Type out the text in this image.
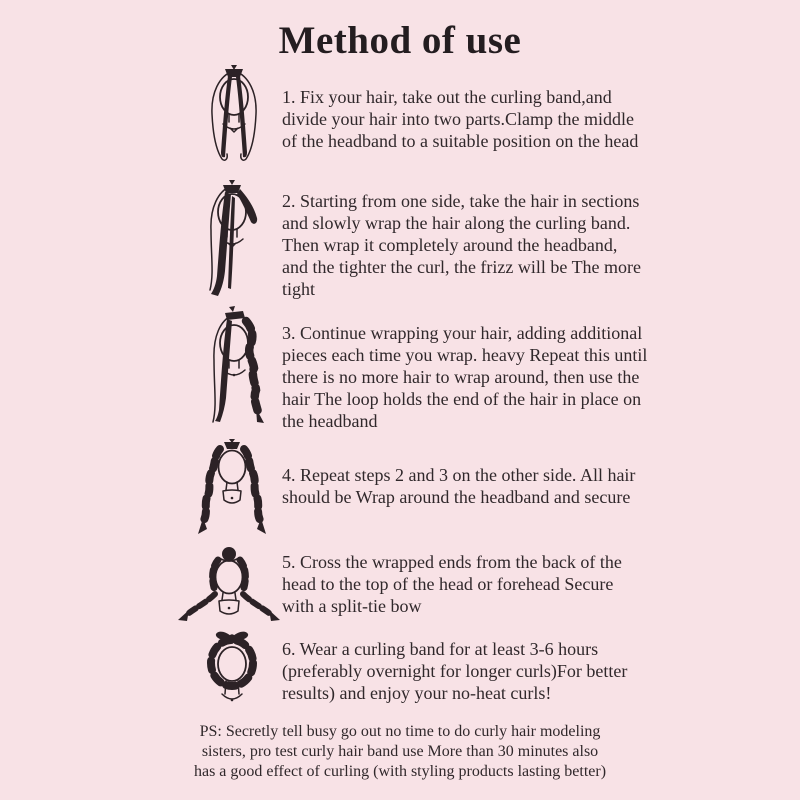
Method of use
1. Fix your hair, take out the curling band,and
divide your hair into two parts.Clamp the middle
of the headband to a suitable position on the head
2. Starting from one side, take the hair in sections
and slowly wrap the hair along the curling band.
Then wrap it completely around the headband,
and the tighter the curl, the frizz will be The more
tight
3. Continue wrapping your hair, adding additional
pieces each time you wrap. heavy Repeat this until
there is no more hair to wrap around, then use the
hair The loop holds the end of the hair in place on
the headband
4. Repeat steps 2 and 3 on the other side. All hair
should be Wrap around the headband and secure
5. Cross the wrapped ends from the back of the
head to the top of the head or forehead Secure
with a split-tie bow
6. Wear a curling band for at least 3-6 hours
(preferably overnight for longer curls)For better
results) and enjoy your no-heat curls!
PS: Secretly tell busy go out no time to do curly hair modeling
sisters, pro test curly hair band use More than 30 minutes also
has a good effect of curling (with styling products lasting better)
